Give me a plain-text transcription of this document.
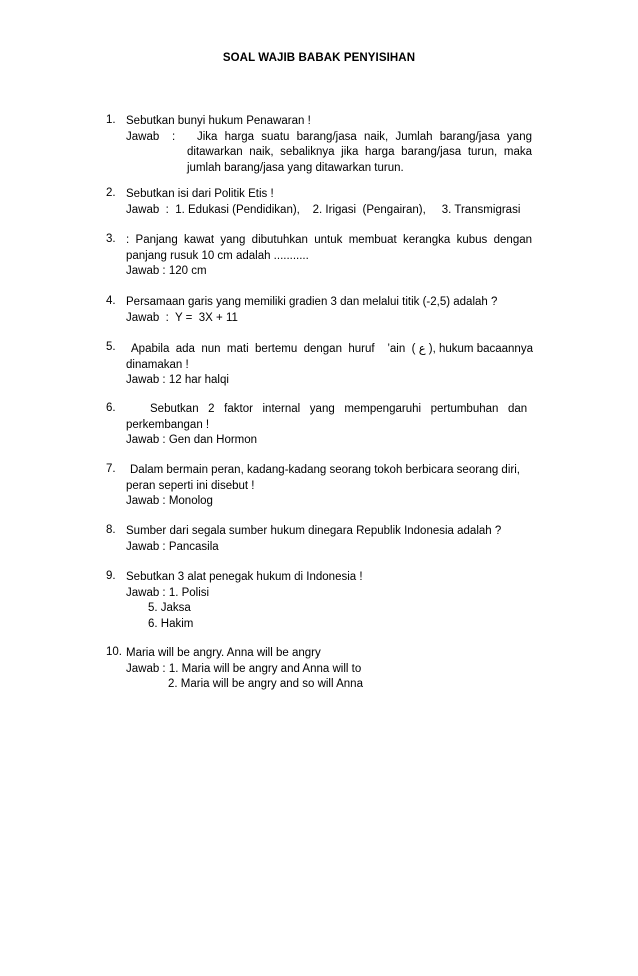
SOAL WAJIB BABAK PENYISIHAN
1. Sebutkan bunyi hukum Penawaran !
Jawab    :	Jika harga suatu barang/jasa naik, Jumlah barang/jasa yang
ditawarkan naik, sebaliknya jika harga barang/jasa turun, maka
jumlah barang/jasa yang ditawarkan turun.
2. Sebutkan isi dari Politik Etis !
Jawab  :  1. Edukasi (Pendidikan),    2. Irigasi  (Pengairan),     3. Transmigrasi
3. : Panjang kawat yang dibutuhkan untuk membuat kerangka kubus dengan
panjang rusuk 10 cm adalah ...........
Jawab : 120 cm
4. Persamaan garis yang memiliki gradien 3 dan melalui titik (-2,5) adalah ?
Jawab  :  Y =  3X + 11
5.	Apabila  ada  nun  mati  bertemu  dengan  huruf    ’ain  ( ع ), hukum bacaannya
dinamakan !
Jawab : 12 har halqi
6.	Sebutkan   2   faktor   internal   yang   mempengaruhi   pertumbuhan   dan
perkembangan !
Jawab : Gen dan Hormon
7.	Dalam bermain peran, kadang-kadang seorang tokoh berbicara seorang diri,
peran seperti ini disebut !
Jawab : Monolog
8. Sumber dari segala sumber hukum dinegara Republik Indonesia adalah ?
Jawab : Pancasila
9. Sebutkan 3 alat penegak hukum di Indonesia !
Jawab : 1. Polisi
5. Jaksa
6. Hakim
10. Maria will be angry. Anna will be angry
Jawab : 1. Maria will be angry and Anna will to
2. Maria will be angry and so will Anna
